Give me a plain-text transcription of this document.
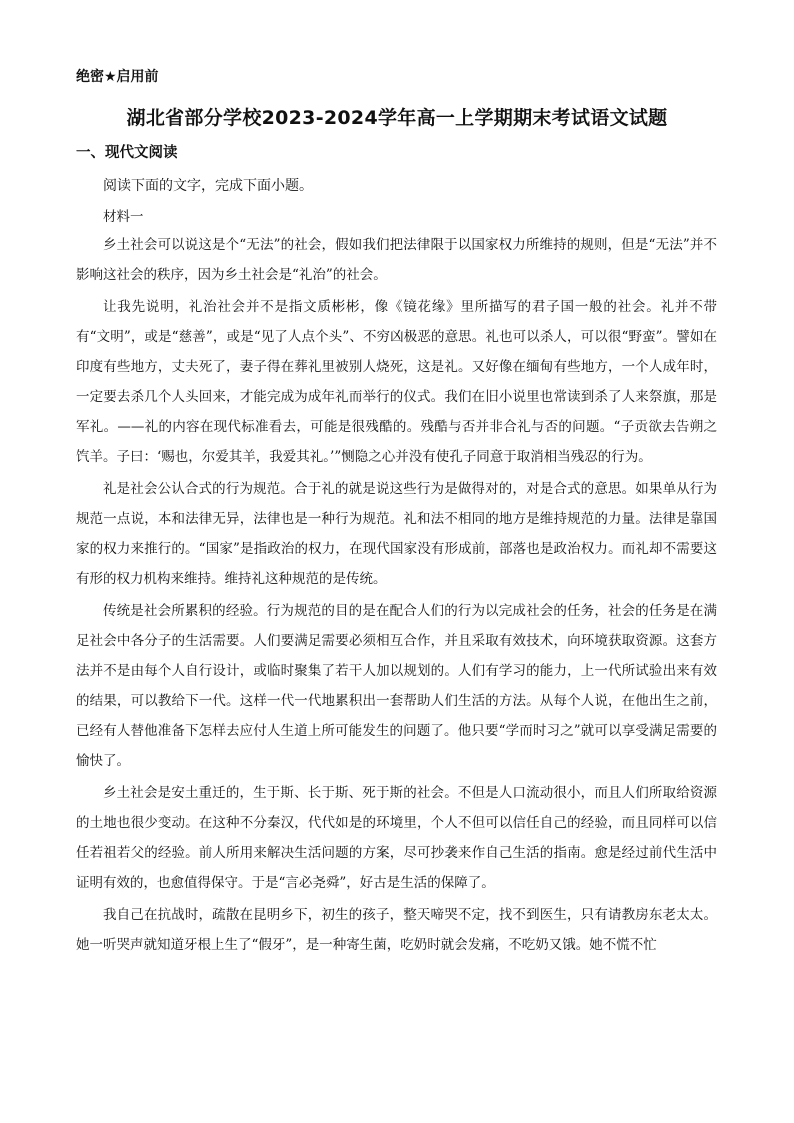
绝密★启用前
湖北省部分学校2023-2024学年高一上学期期末考试语文试题
一、现代文阅读
阅读下面的文字，完成下面小题。
材料一

乡土社会可以说这是个“无法”的社会，假如我们把法律限于以国家权力所维持的规则，但是“无法”并不影响这社会的秩序，因为乡土社会是“礼治”的社会。

让我先说明，礼治社会并不是指文质彬彬，像《镜花缘》里所描写的君子国一般的社会。礼并不带有“文明”，或是“慈善”，或是“见了人点个头”、不穷凶极恶的意思。礼也可以杀人，可以很“野蛮”。譬如在印度有些地方，丈夫死了，妻子得在葬礼里被别人烧死，这是礼。又好像在缅甸有些地方，一个人成年时，一定要去杀几个人头回来，才能完成为成年礼而举行的仪式。我们在旧小说里也常读到杀了人来祭旗，那是军礼。——礼的内容在现代标准看去，可能是很残酷的。残酷与否并非合礼与否的问题。“子贡欲去告朔之饩羊。子曰：‘赐也，尔爱其羊，我爱其礼。’”恻隐之心并没有使孔子同意于取消相当残忍的行为。

礼是社会公认合式的行为规范。合于礼的就是说这些行为是做得对的，对是合式的意思。如果单从行为规范一点说，本和法律无异，法律也是一种行为规范。礼和法不相同的地方是维持规范的力量。法律是靠国家的权力来推行的。“国家”是指政治的权力，在现代国家没有形成前，部落也是政治权力。而礼却不需要这有形的权力机构来维持。维持礼这种规范的是传统。

传统是社会所累积的经验。行为规范的目的是在配合人们的行为以完成社会的任务，社会的任务是在满足社会中各分子的生活需要。人们要满足需要必须相互合作，并且采取有效技术，向环境获取资源。这套方法并不是由每个人自行设计，或临时聚集了若干人加以规划的。人们有学习的能力，上一代所试验出来有效的结果，可以教给下一代。这样一代一代地累积出一套帮助人们生活的方法。从每个人说，在他出生之前，已经有人替他准备下怎样去应付人生道上所可能发生的问题了。他只要“学而时习之”就可以享受满足需要的愉快了。

乡土社会是安土重迁的，生于斯、长于斯、死于斯的社会。不但是人口流动很小，而且人们所取给资源的土地也很少变动。在这种不分秦汉，代代如是的环境里，个人不但可以信任自己的经验，而且同样可以信任若祖若父的经验。前人所用来解决生活问题的方案，尽可抄袭来作自己生活的指南。愈是经过前代生活中证明有效的，也愈值得保守。于是“言必尧舜”，好古是生活的保障了。

我自己在抗战时，疏散在昆明乡下，初生的孩子，整天啼哭不定，找不到医生，只有请教房东老太太。她一听哭声就知道牙根上生了“假牙”，是一种寄生菌，吃奶时就会发痛，不吃奶又饿。她不慌不忙
